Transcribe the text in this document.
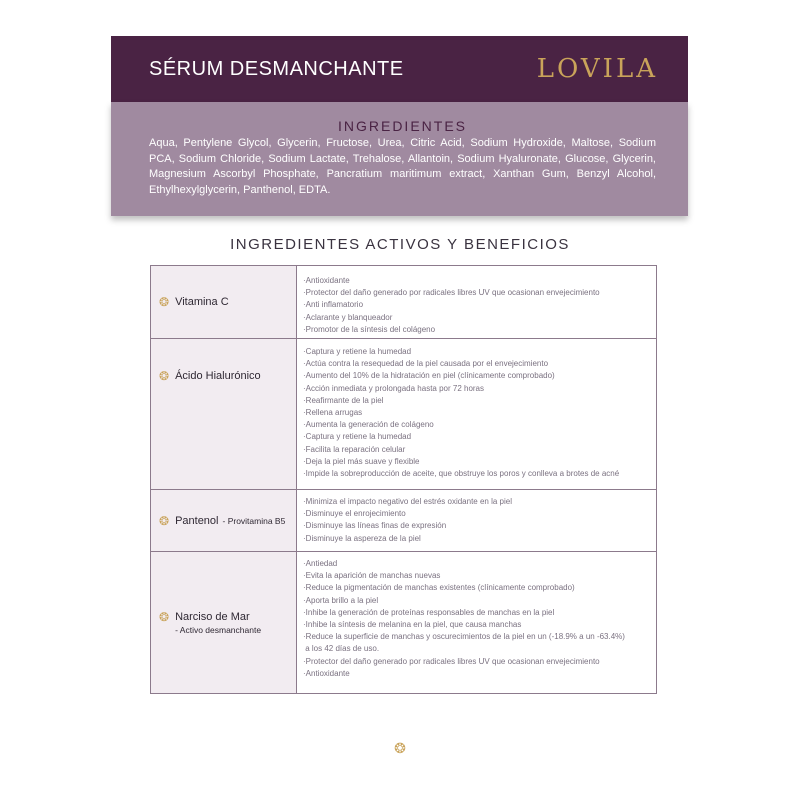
SÉRUM DESMANCHANTE	LOVILA
INGREDIENTES
Aqua, Pentylene Glycol, Glycerin, Fructose, Urea, Citric Acid, Sodium Hydroxide, Maltose, Sodium PCA, Sodium Chloride, Sodium Lactate, Trehalose, Allantoin, Sodium Hyaluronate, Glucose, Glycerin, Magnesium Ascorbyl Phosphate, Pancratium maritimum extract, Xanthan Gum, Benzyl Alcohol, Ethylhexylglycerin, Panthenol, EDTA.
INGREDIENTES ACTIVOS Y BENEFICIOS
❂ Vitamina C
·Antioxidante
·Protector del daño generado por radicales libres UV que ocasionan envejecimiento
·Anti inflamatorio
·Aclarante y blanqueador
·Promotor de la síntesis del colágeno
❂ Ácido Hialurónico
·Captura y retiene la humedad
·Actúa contra la resequedad de la piel causada por el envejecimiento
·Aumento del 10% de la hidratación en piel (clínicamente comprobado)
·Acción inmediata y prolongada hasta por 72 horas
·Reafirmante de la piel
·Rellena arrugas
·Aumenta la generación de colágeno
·Captura y retiene la humedad
·Facilita la reparación celular
·Deja la piel más suave y flexible
·Impide la sobreproducción de aceite, que obstruye los poros y conlleva a brotes de acné
❂ Pantenol - Provitamina B5
·Minimiza el impacto negativo del estrés oxidante en la piel
·Disminuye el enrojecimiento
·Disminuye las líneas finas de expresión
·Disminuye la aspereza de la piel
❂ Narciso de Mar
- Activo desmanchante
·Antiedad
·Evita la aparición de manchas nuevas
·Reduce la pigmentación de manchas existentes (clínicamente comprobado)
·Aporta brillo a la piel
·Inhibe la generación de proteínas responsables de manchas en la piel
·Inhibe la síntesis de melanina en la piel, que causa manchas
·Reduce la superficie de manchas y oscurecimientos de la piel en un (-18.9% a un -63.4%)
a los 42 días de uso.
·Protector del daño generado por radicales libres UV que ocasionan envejecimiento
·Antioxidante
❂
